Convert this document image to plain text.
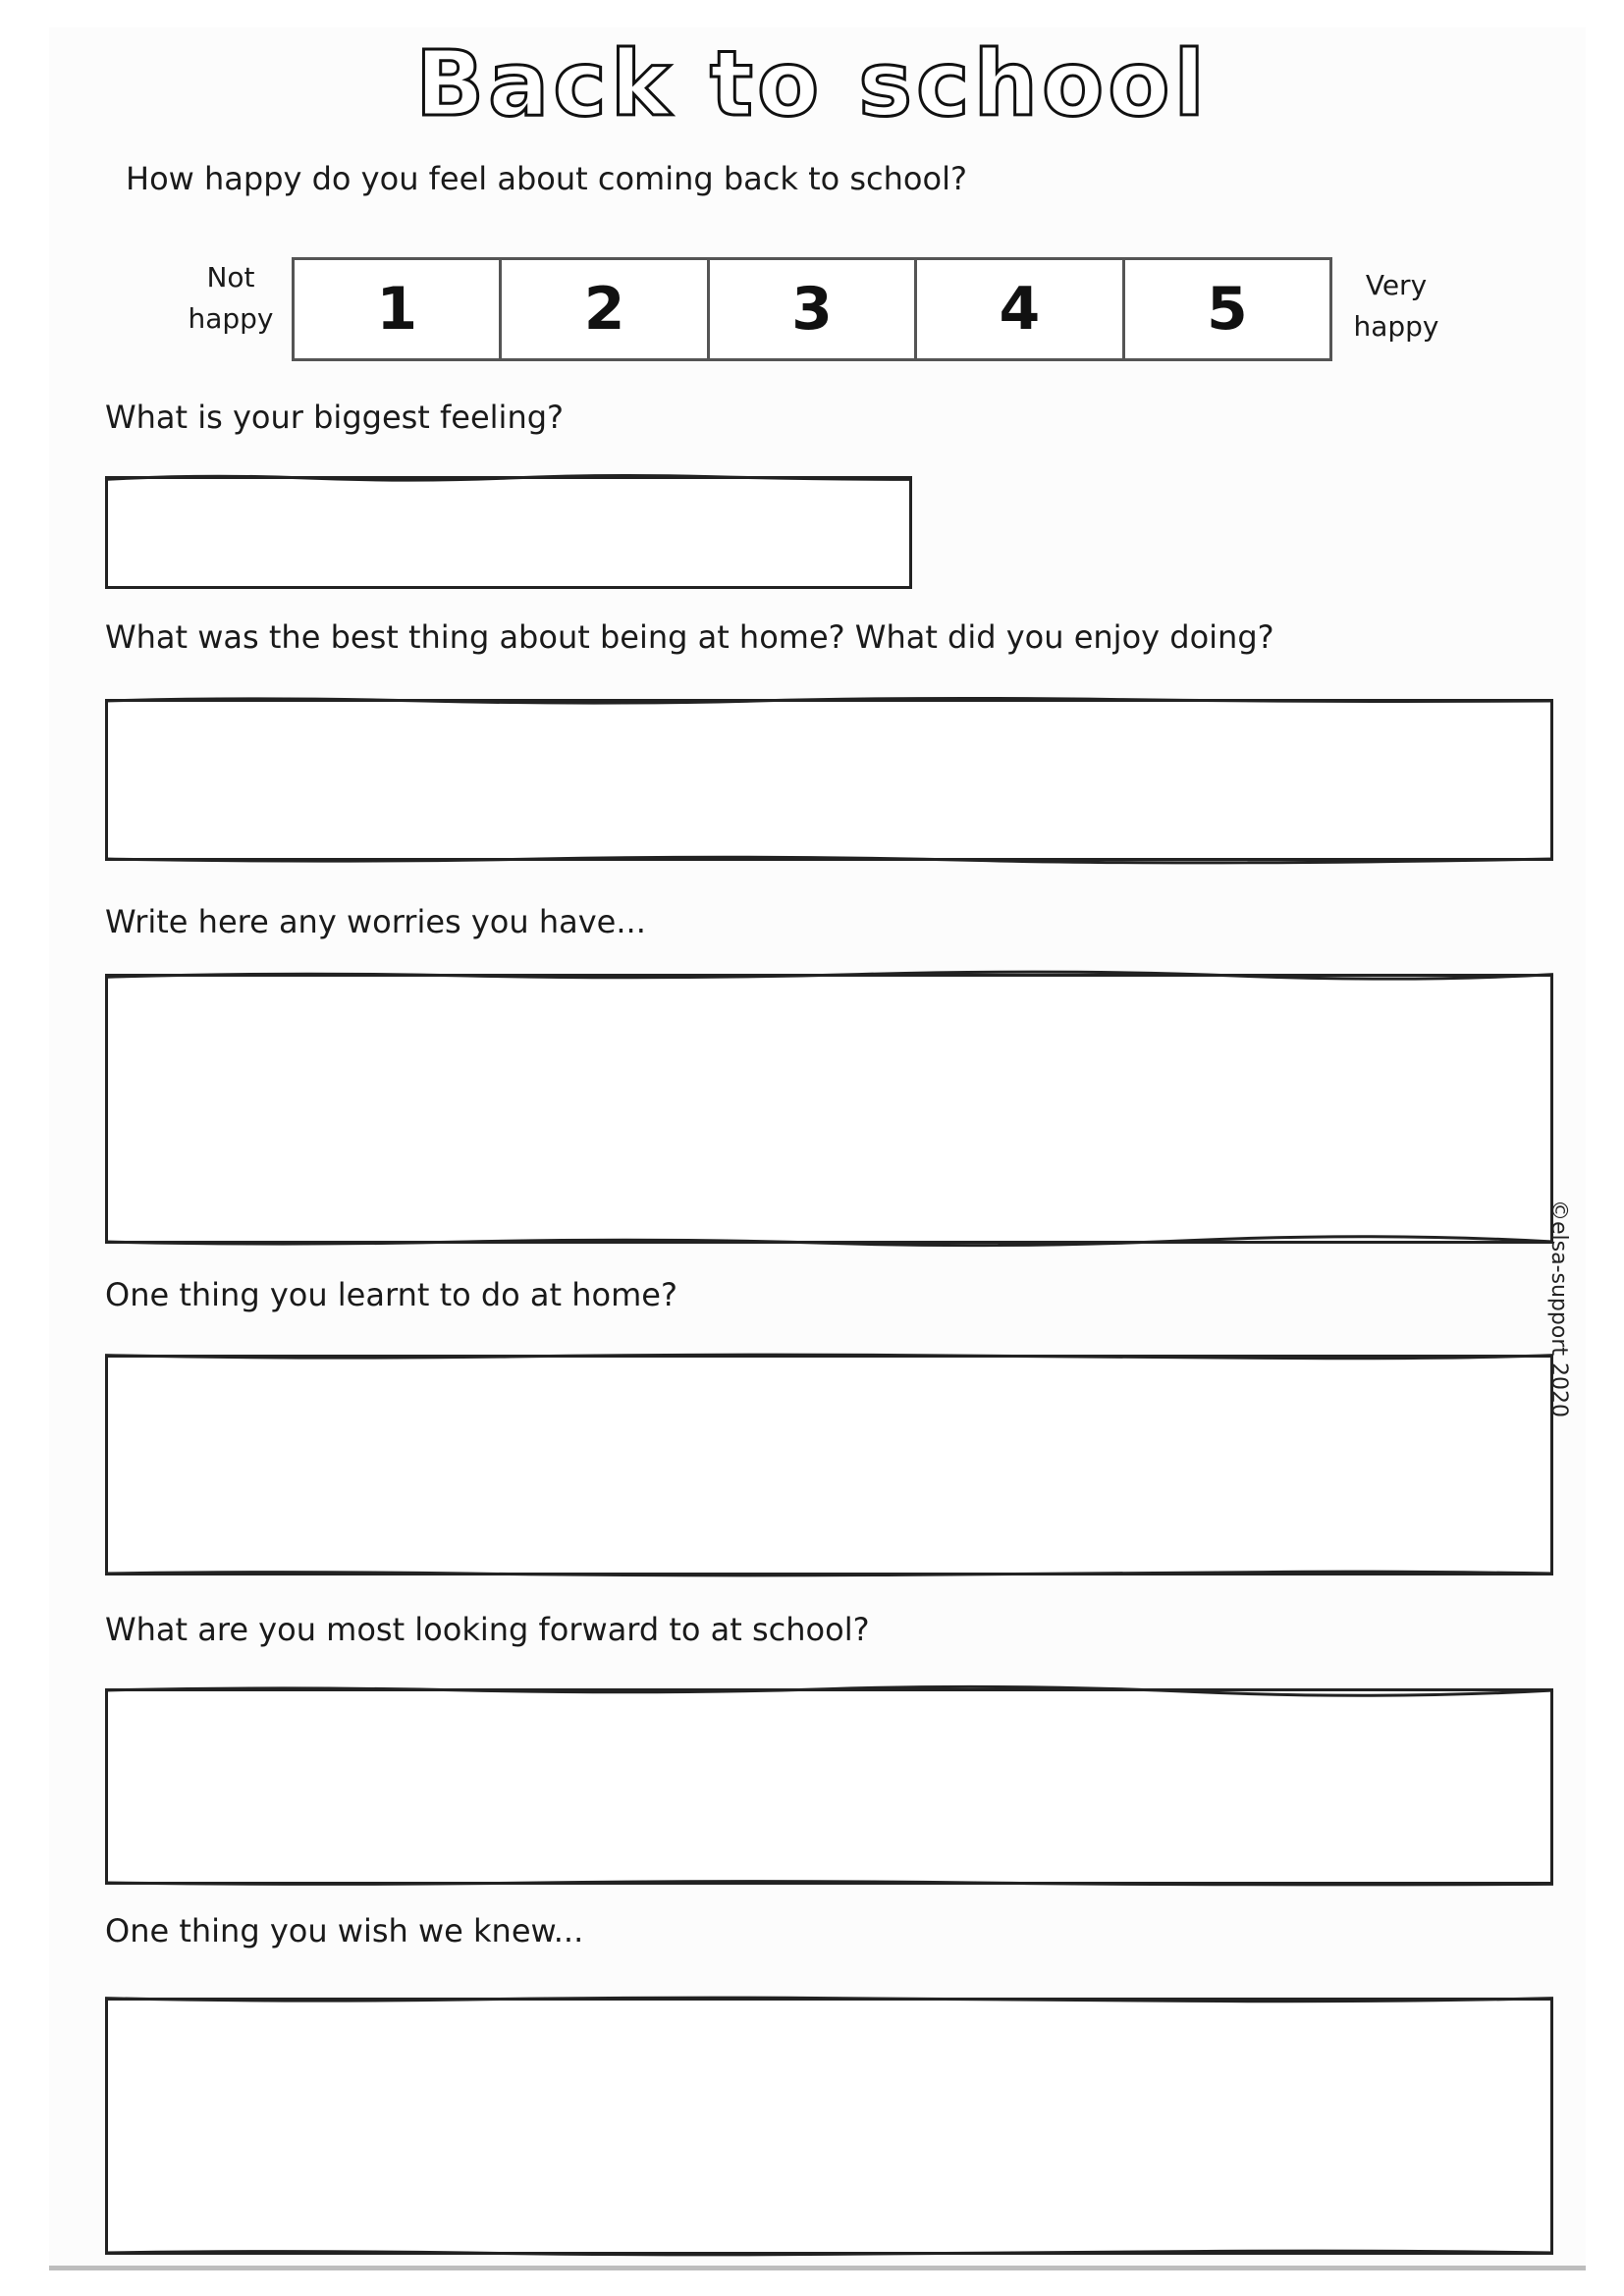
Back to school
How happy do you feel about coming back to school?
Not
happy	1	2	3	4	5	Very
happy
What is your biggest feeling?
What was the best thing about being at home? What did you enjoy doing?
Write here any worries you have...
One thing you learnt to do at home?
What are you most looking forward to at school?
One thing you wish we knew...
©elsa-support 2020
